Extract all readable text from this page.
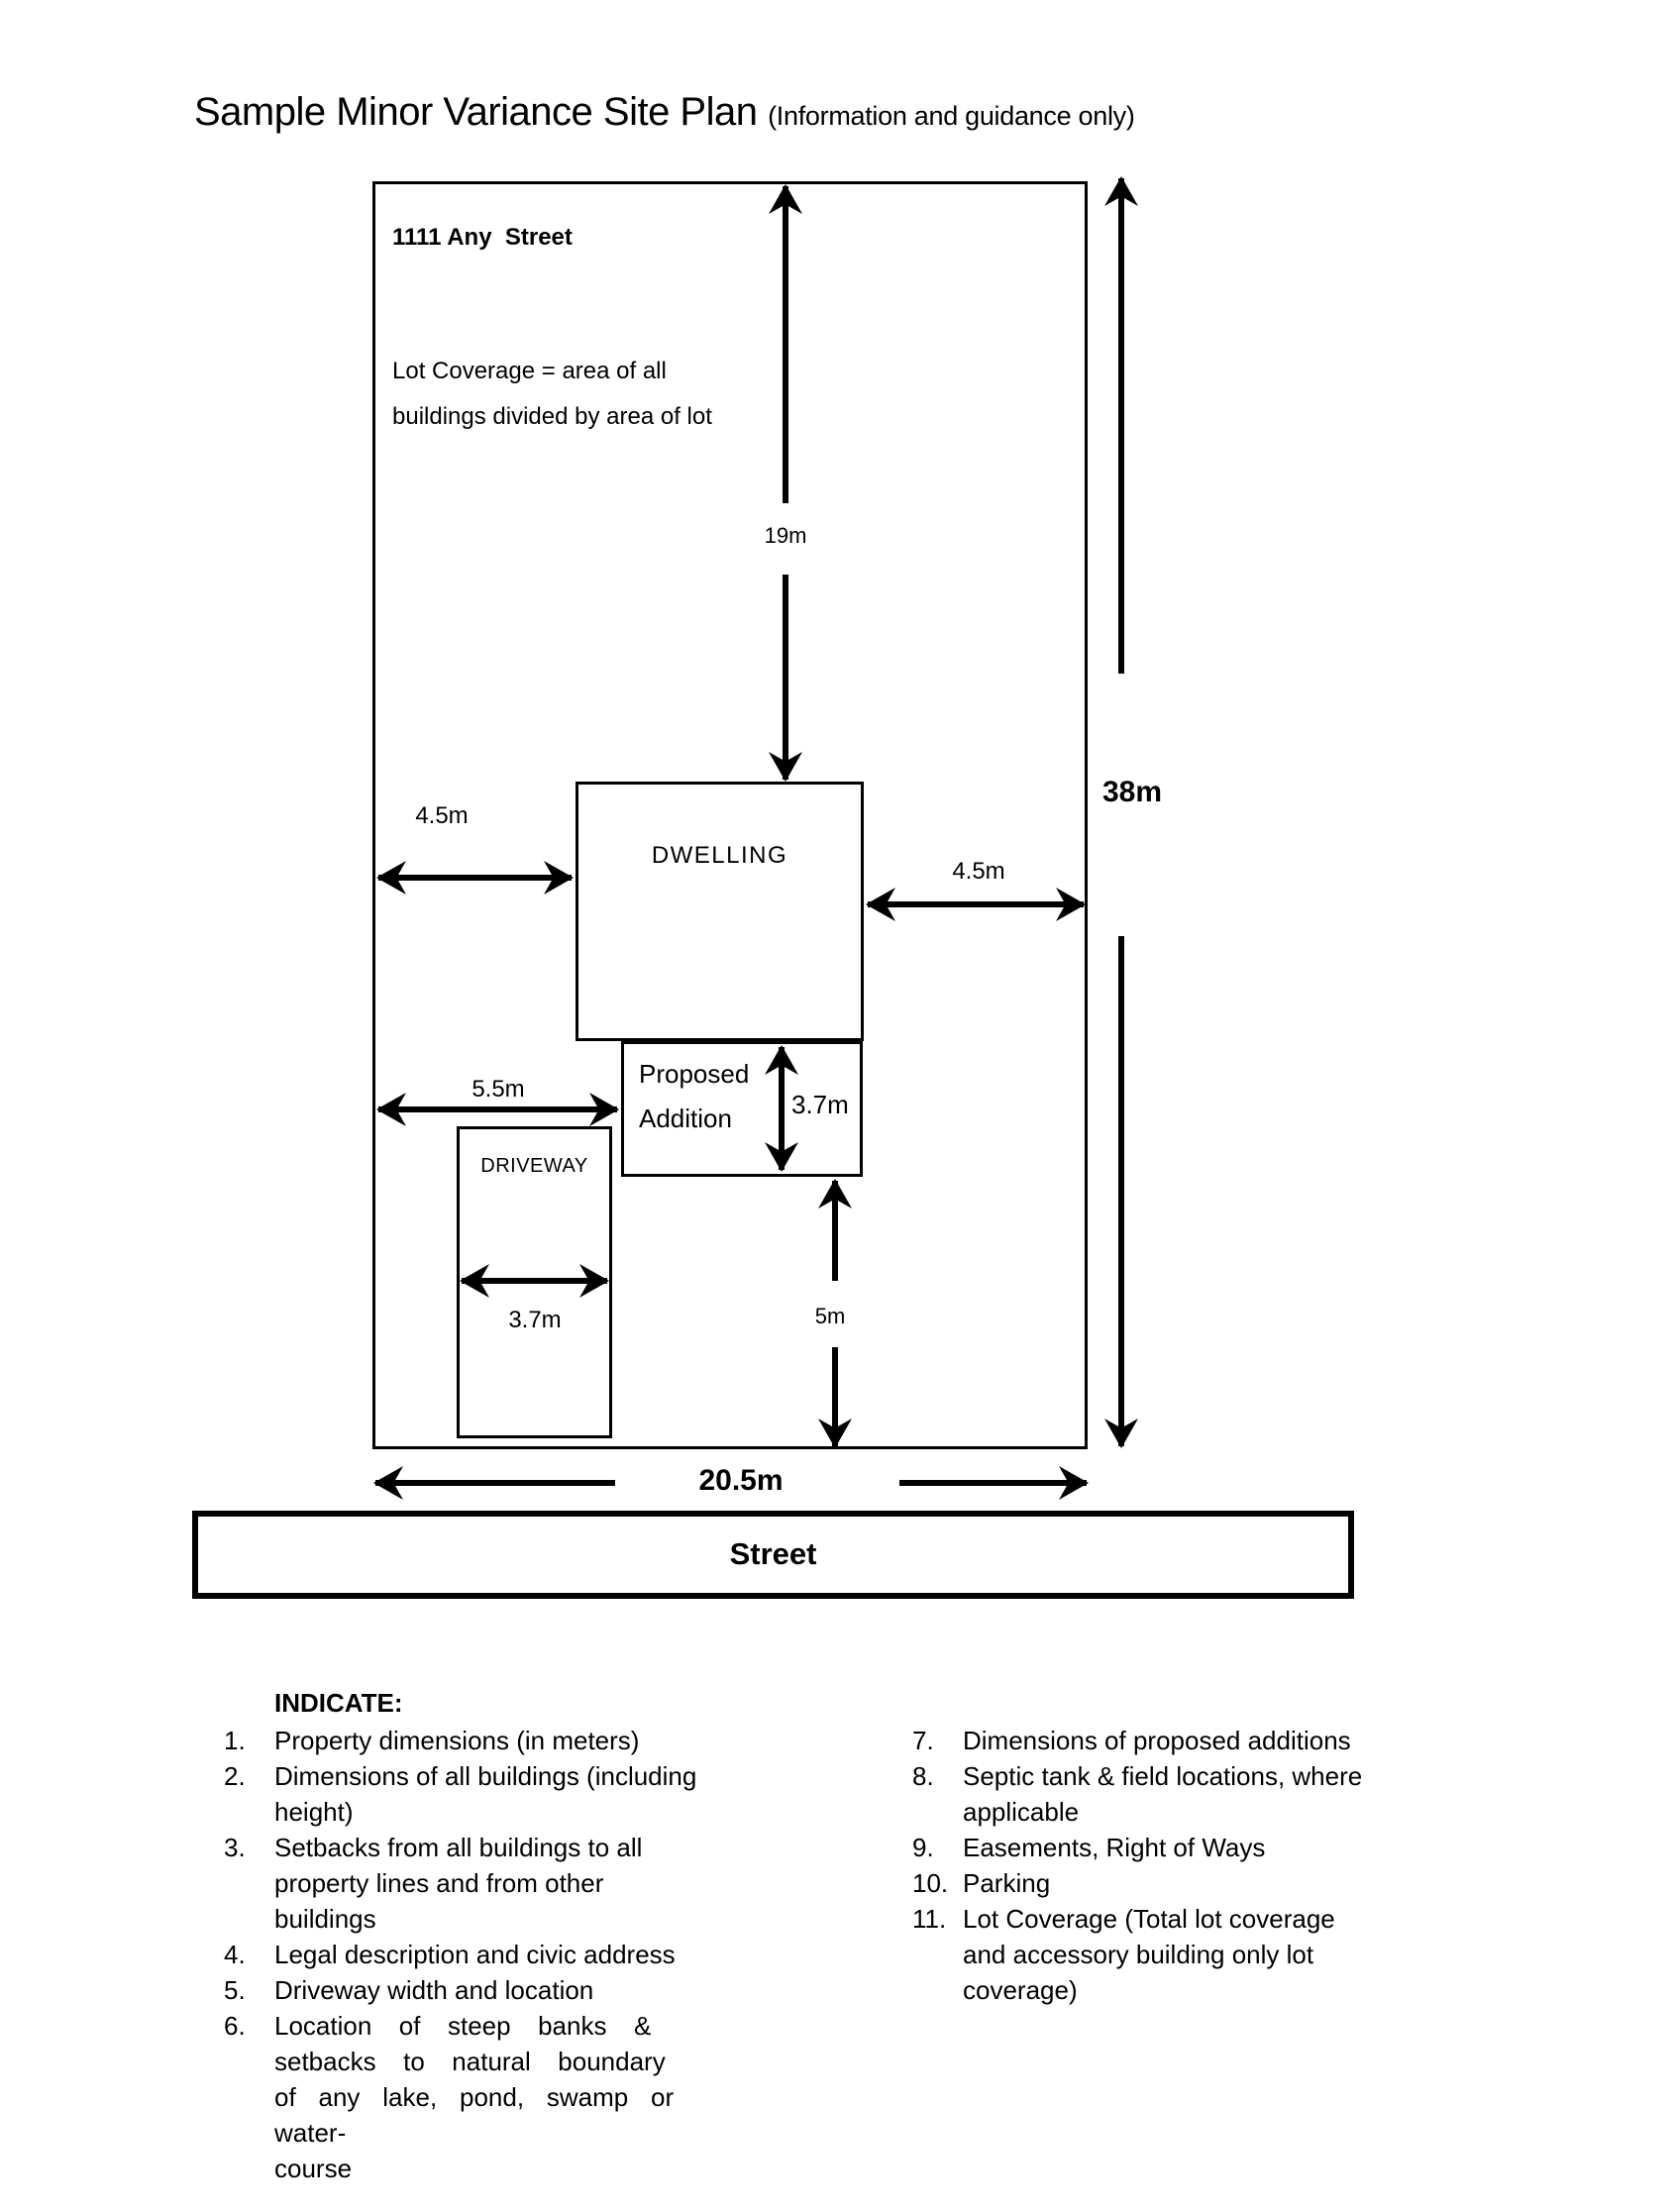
Sample Minor Variance Site Plan (Information and guidance only)
1111 Any  Street
Lot Coverage = area of all
buildings divided by area of lot
DWELLING
Proposed
Addition
DRIVEWAY
Street
19m
38m
4.5m
4.5m
5.5m
3.7m
3.7m	5m
20.5m
INDICATE:
1. Property dimensions (in meters)
2. Dimensions of all buildings (including
height)
3. Setbacks from all buildings to all
property lines and from other
buildings
4. Legal description and civic address
5. Driveway width and location
6. Location of steep banks &
setbacks to natural boundary
of any lake, pond, swamp or water-
course
7. Dimensions of proposed additions
8. Septic tank & field locations, where
applicable
9. Easements, Right of Ways
10. Parking
11. Lot Coverage (Total lot coverage
and accessory building only lot
coverage)
